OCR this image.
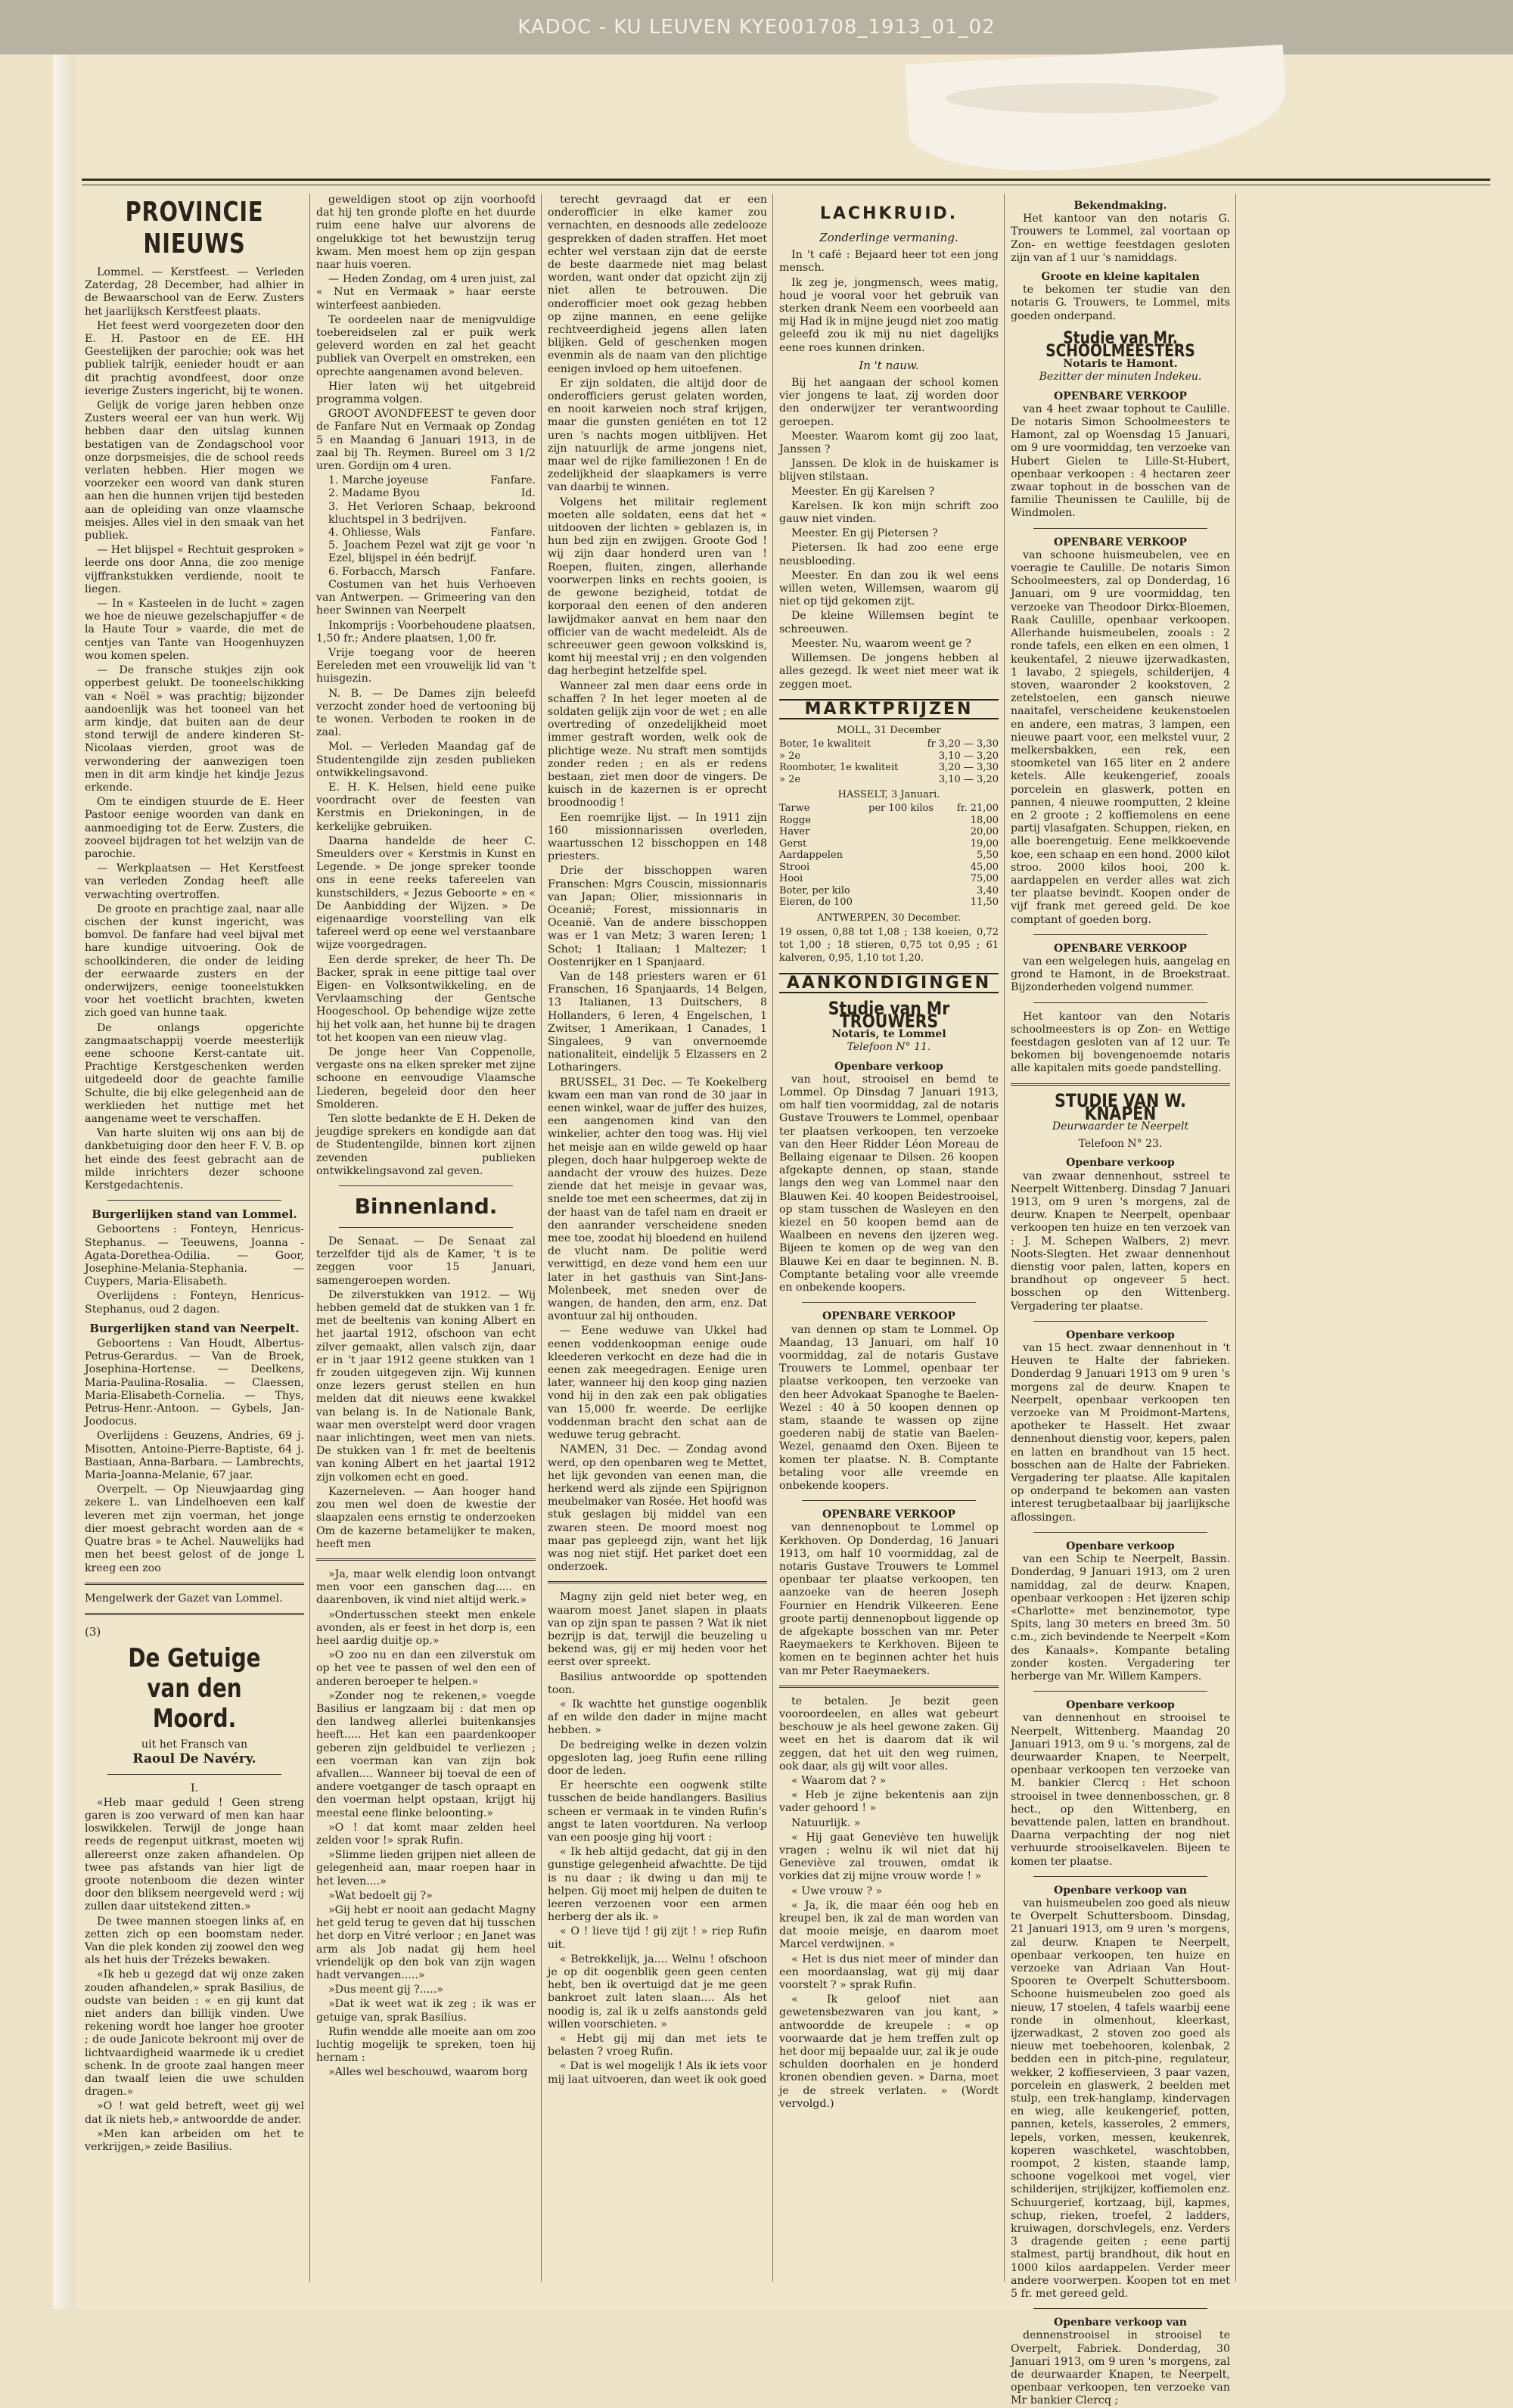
KADOC - KU LEUVEN KYE001708_1913_01_02
PROVINCIE NIEUWS

Lommel. — Kerstfeest. — Verleden Zaterdag, 28 December, had alhier in de Bewaarschool van de Eerw. Zusters het jaarlijksch Kerstfeest plaats.

Het feest werd voorgezeten door den E. H. Pastoor en de EE. HH Geestelijken der parochie; ook was het publiek talrijk, eenieder houdt er aan dit prachtig avondfeest, door onze ieverige Zusters ingericht, bij te wonen.

Gelijk de vorige jaren hebben onze Zusters weeral eer van hun werk. Wij hebben daar den uitslag kunnen bestatigen van de Zondagschool voor onze dorpsmeisjes, die de school reeds verlaten hebben. Hier mogen we voorzeker een woord van dank sturen aan hen die hunnen vrijen tijd besteden aan de opleiding van onze vlaamsche meisjes. Alles viel in den smaak van het publiek.

— Het blijspel « Rechtuit gesproken » leerde ons door Anna, die zoo menige vijffrankstukken verdiende, nooit te liegen.

— In « Kasteelen in de lucht » zagen we hoe de nieuwe gezelschapjuffer « de la Haute Tour » vaarde, die met de centjes van Tante van Hoogenhuyzen wou komen spelen.

— De fransche stukjes zijn ook opperbest gelukt. De tooneelschikking van « Noël » was prachtig; bijzonder aandoenlijk was het tooneel van het arm kindje, dat buiten aan de deur stond terwijl de andere kinderen St-Nicolaas vierden, groot was de verwondering der aanwezigen toen men in dit arm kindje het kindje Jezus erkende.

Om te eindigen stuurde de E. Heer Pastoor eenige woorden van dank en aanmoediging tot de Eerw. Zusters, die zooveel bijdragen tot het welzijn van de parochie.

— Werkplaatsen — Het Kerstfeest van verleden Zondag heeft alle verwachting overtroffen.

De groote en prachtige zaal, naar alle cischen der kunst ingericht, was bomvol. De fanfare had veel bijval met hare kundige uitvoering. Ook de schoolkinderen, die onder de leiding der eerwaarde zusters en der onderwijzers, eenige tooneelstukken voor het voetlicht brachten, kweten zich goed van hunne taak.

De onlangs opgerichte zangmaatschappij voerde meesterlijk eene schoone Kerst-cantate uit. Prachtige Kerstgeschenken werden uitgedeeld door de geachte familie Schulte, die bij elke gelegenheid aan de werklieden het nuttige met het aangename weet te verschaffen.

Van harte sluiten wij ons aan bij de dankbetuiging door den heer F. V. B. op het einde des feest gebracht aan de milde inrichters dezer schoone Kerstgedachtenis.

Burgerlijken stand van Lommel.

Geboortens : Fonteyn, Henricus-Stephanus. — Teeuwens, Joanna - Agata-Dorethea-Odilia. — Goor, Josephine-Melania-Stephania. — Cuypers, Maria-Elisabeth.

Overlijdens : Fonteyn, Henricus-Stephanus, oud 2 dagen.

Burgerlijken stand van Neerpelt.

Geboortens : Van Houdt, Albertus-Petrus-Gerardus. — Van de Broek, Josephina-Hortense. — Deelkens, Maria-Paulina-Rosalia. — Claessen, Maria-Elisabeth-Cornelia. — Thys, Petrus-Henr.-Antoon. — Gybels, Jan-Joodocus.

Overlijdens : Geuzens, Andries, 69 j. Misotten, Antoine-Pierre-Baptiste, 64 j. Bastiaan, Anna-Barbara. — Lambrechts, Maria-Joanna-Melanie, 67 jaar.

Overpelt. — Op Nieuwjaardag ging zekere L. van Lindelhoeven een kalf leveren met zijn voerman, het jonge dier moest gebracht worden aan de « Quatre bras » te Achel. Nauwelijks had men het beest gelost of de jonge L kreeg een zoo

Mengelwerk der Gazet van Lommel.

(3)

De Getuige van den Moord.

uit het Fransch van

Raoul De Navéry.

I.

«Heb maar geduld ! Geen streng garen is zoo verward of men kan haar loswikkelen. Terwijl de jonge haan reeds de regenput uitkrast, moeten wij allereerst onze zaken afhandelen. Op twee pas afstands van hier ligt de groote notenboom die dezen winter door den bliksem neergeveld werd ; wij zullen daar uitstekend zitten.»

De twee mannen stoegen links af, en zetten zich op een boomstam neder. Van die plek konden zij zoowel den weg als het huis der Trézeks bewaken.

«Ik heb u gezegd dat wij onze zaken zouden afhandelen,» sprak Basilius, de oudste van beiden : « en gij kunt dat niet anders dan billijk vinden. Uwe rekening wordt hoe langer hoe grooter ; de oude Janicote bekroont mij over de lichtvaardigheid waarmede ik u crediet schenk. In de groote zaal hangen meer dan twaalf leien die uwe schulden dragen.»

»O ! wat geld betreft, weet gij wel dat ik niets heb,» antwoordde de ander.

»Men kan arbeiden om het te verkrijgen,» zeide Basilius.

geweldigen stoot op zijn voorhoofd dat hij ten gronde plofte en het duurde ruim eene halve uur alvorens de ongelukkige tot het bewustzijn terug kwam. Men moest hem op zijn gespan naar huis voeren.

— Heden Zondag, om 4 uren juist, zal « Nut en Vermaak » haar eerste winterfeest aanbieden.

Te oordeelen naar de menigvuldige toebereidselen zal er puik werk geleverd worden en zal het geacht publiek van Overpelt en omstreken, een oprechte aangenamen avond beleven.

Hier laten wij het uitgebreid programma volgen.

GROOT AVONDFEEST te geven door de Fanfare Nut en Vermaak op Zondag 5 en Maandag 6 Januari 1913, in de zaal bij Th. Reymen. Bureel om 3 1/2 uren. Gordijn om 4 uren.

1. Marche joyeuse	Fanfare.
2. Madame Byou	Id.
3. Het Verloren Schaap, bekroond kluchtspel in 3 bedrijven.
4. Ohliesse, Wals	Fanfare.
5. Joachem Pezel wat zijt ge voor 'n Ezel, blijspel in één bedrijf.
6. Forbacch, Marsch	Fanfare.

Costumen van het huis Verhoeven van Antwerpen. — Grimeering van den heer Swinnen van Neerpelt

Inkomprijs : Voorbehoudene plaatsen, 1,50 fr.; Andere plaatsen, 1,00 fr.

Vrije toegang voor de heeren Eereleden met een vrouwelijk lid van 't huisgezin.

N. B. — De Dames zijn beleefd verzocht zonder hoed de vertooning bij te wonen. Verboden te rooken in de zaal.

Mol. — Verleden Maandag gaf de Studentengilde zijn zesden publieken ontwikkelingsavond.

E. H. K. Helsen, hield eene puike voordracht over de feesten van Kerstmis en Driekoningen, in de kerkelijke gebruiken.

Daarna handelde de heer C. Smeulders over « Kerstmis in Kunst en Legende. » De jonge spreker toonde ons in eene reeks tafereelen van kunstschilders, « Jezus Geboorte » en « De Aanbidding der Wijzen. » De eigenaardige voorstelling van elk tafereel werd op eene wel verstaanbare wijze voorgedragen.

Een derde spreker, de heer Th. De Backer, sprak in eene pittige taal over Eigen- en Volksontwikkeling, en de Vervlaamsching der Gentsche Hoogeschool. Op behendige wijze zette hij het volk aan, het hunne bij te dragen tot het koopen van een nieuw vlag.

De jonge heer Van Coppenolle, vergaste ons na elken spreker met zijne schoone en eenvoudige Vlaamsche Liederen, begeleid door den heer Smolderen.

Ten slotte bedankte de E H. Deken de jeugdige sprekers en kondigde aan dat de Studentengilde, binnen kort zijnen zevenden publieken ontwikkelingsavond zal geven.

Binnenland.

De Senaat. — De Senaat zal terzelfder tijd als de Kamer, 't is te zeggen voor 15 Januari, samengeroepen worden.

De zilverstukken van 1912. — Wij hebben gemeld dat de stukken van 1 fr. met de beeltenis van koning Albert en het jaartal 1912, ofschoon van echt zilver gemaakt, allen valsch zijn, daar er in 't jaar 1912 geene stukken van 1 fr zouden uitgegeven zijn. Wij kunnen onze lezers gerust stellen en hun melden dat dit nieuws eene kwakkel van belang is. In de Nationale Bank, waar men overstelpt werd door vragen naar inlichtingen, weet men van niets. De stukken van 1 fr. met de beeltenis van koning Albert en het jaartal 1912 zijn volkomen echt en goed.

Kazerneleven. — Aan hooger hand zou men wel doen de kwestie der slaapzalen eens ernstig te onderzoeken Om de kazerne betamelijker te maken, heeft men

»Ja, maar welk elendig loon ontvangt men voor een ganschen dag..... en daarenboven, ik vind niet altijd werk.»

»Ondertusschen steekt men enkele avonden, als er feest in het dorp is, een heel aardig duitje op.»

»O zoo nu en dan een zilverstuk om op het vee te passen of wel den een of anderen beroeper te helpen.»

»Zonder nog te rekenen,» voegde Basilius er langzaam bij : dat men op den landweg allerlei buitenkansjes heeft..... Het kan een paardenkooper geberen zijn geldbuidel te verliezen ; een voerman kan van zijn bok afvallen.... Wanneer bij toeval de een of andere voetganger de tasch opraapt en den voerman helpt opstaan, krijgt hij meestal eene flinke beloonting.»

»O ! dat komt maar zelden heel zelden voor !» sprak Rufin.

»Slimme lieden grijpen niet alleen de gelegenheid aan, maar roepen haar in het leven....»

»Wat bedoelt gij ?»

»Gij hebt er nooit aan gedacht Magny het geld terug te geven dat hij tusschen het dorp en Vitré verloor ; en Janet was arm als Job nadat gij hem heel vriendelijk op den bok van zijn wagen hadt vervangen.....»

»Dus meent gij ?.....»

»Dat ik weet wat ik zeg ; ik was er getuige van, sprak Basilius.

Rufin wendde alle moeite aan om zoo luchtig mogelijk te spreken, toen hij hernam :

»Alles wel beschouwd, waarom borg

terecht gevraagd dat er een onderofficier in elke kamer zou vernachten, en desnoods alle zedelooze gesprekken of daden straffen. Het moet echter wel verstaan zijn dat de eerste de beste daarmede niet mag belast worden, want onder dat opzicht zijn zij niet allen te betrouwen. Die onderofficier moet ook gezag hebben op zijne mannen, en eene gelijke rechtveerdigheid jegens allen laten blijken. Geld of geschenken mogen evenmin als de naam van den plichtige eenigen invloed op hem uitoefenen.

Er zijn soldaten, die altijd door de onderofficiers gerust gelaten worden, en nooit karweien noch straf krijgen, maar die gunsten geniéten en tot 12 uren 's nachts mogen uitblijven. Het zijn natuurlijk de arme jongens niet, maar wel de rijke familiezonen ! En de zedelijkheid der slaapkamers is verre van daarbij te winnen.

Volgens het militair reglement moeten alle soldaten, eens dat het « uitdooven der lichten » geblazen is, in hun bed zijn en zwijgen. Groote God ! wij zijn daar honderd uren van ! Roepen, fluiten, zingen, allerhande voorwerpen links en rechts gooien, is de gewone bezigheid, totdat de korporaal den eenen of den anderen lawijdmaker aanvat en hem naar den officier van de wacht medeleidt. Als de schreeuwer geen gewoon volkskind is, komt hij meestal vrij ; en den volgenden dag herbegint hetzelfde spel.

Wanneer zal men daar eens orde in schaffen ? In het leger moeten al de soldaten gelijk zijn voor de wet ; en alle overtreding of onzedelijkheid moet immer gestraft worden, welk ook de plichtige weze. Nu straft men somtijds zonder reden ; en als er redens bestaan, ziet men door de vingers. De kuisch in de kazernen is er oprecht broodnoodig !

Een roemrijke lijst. — In 1911 zijn 160 missionnarissen overleden, waartusschen 12 bisschoppen en 148 priesters.

Drie der bisschoppen waren Franschen: Mgrs Couscin, missionnaris van Japan; Olier, missionnaris in Oceanië; Forest, missionnaris in Oceanië. Van de andere bisschoppen was er 1 van Metz; 3 waren Ieren; 1 Schot; 1 Italiaan; 1 Maltezer; 1 Oostenrijker en 1 Spanjaard.

Van de 148 priesters waren er 61 Franschen, 16 Spanjaards, 14 Belgen, 13 Italianen, 13 Duitschers, 8 Hollanders, 6 Ieren, 4 Engelschen, 1 Zwitser, 1 Amerikaan, 1 Canades, 1 Singalees, 9 van onvernoemde nationaliteit, eindelijk 5 Elzassers en 2 Lotharingers.

BRUSSEL, 31 Dec. — Te Koekelberg kwam een man van rond de 30 jaar in eenen winkel, waar de juffer des huizes, een aangenomen kind van den winkelier, achter den toog was. Hij viel het meisje aan en wilde geweld op haar plegen, doch haar hulpgeroep wekte de aandacht der vrouw des huizes. Deze ziende dat het meisje in gevaar was, snelde toe met een scheermes, dat zij in der haast van de tafel nam en draeit er den aanrander verscheidene sneden mee toe, zoodat hij bloedend en huilend de vlucht nam. De politie werd verwittigd, en deze vond hem een uur later in het gasthuis van Sint-Jans-Molenbeek, met sneden over de wangen, de handen, den arm, enz. Dat avontuur zal hij onthouden.

— Eene weduwe van Ukkel had eenen voddenkoopman eenige oude kleederen verkocht en deze had die in eenen zak meegedragen. Eenige uren later, wanneer hij den koop ging nazien vond hij in den zak een pak obligaties van 15,000 fr. weerde. De eerlijke voddenman bracht den schat aan de weduwe terug gebracht.

NAMEN, 31 Dec. — Zondag avond werd, op den openbaren weg te Mettet, het lijk gevonden van eenen man, die herkend werd als zijnde een Spijrignon meubelmaker van Rosée. Het hoofd was stuk geslagen bij middel van een zwaren steen. De moord moest nog maar pas gepleegd zijn, want het lijk was nog niet stijf. Het parket doet een onderzoek.

Magny zijn geld niet beter weg, en waarom moest Janet slapen in plaats van op zijn span te passen ? Wat ik niet bezrijp is dat, terwijl die beuzeling u bekend was, gij er mij heden voor het eerst over spreekt.

Basilius antwoordde op spottenden toon.

« Ik wachtte het gunstige oogenblik af en wilde den dader in mijne macht hebben. »

De bedreiging welke in dezen volzin opgesloten lag, joeg Rufin eene rilling door de leden.

Er heerschte een oogwenk stilte tusschen de beide handlangers. Basilius scheen er vermaak in te vinden Rufin's angst te laten voortduren. Na verloop van een poosje ging hij voort :

« Ik heb altijd gedacht, dat gij in den gunstige gelegenheid afwachtte. De tijd is nu daar ; ik dwing u dan mij te helpen. Gij moet mij helpen de duiten te leeren verzoenen voor een armen herberg der als ik. »

« O ! lieve tijd ! gij zijt ! » riep Rufin uit.

« Betrekkelijk, ja.... Welnu ! ofschoon je op dit oogenblik geen geen centen hebt, ben ik overtuigd dat je me geen bankroet zult laten slaan.... Als het noodig is, zal ik u zelfs aanstonds geld willen voorschieten. »

« Hebt gij mij dan met iets te belasten ? vroeg Rufin.

« Dat is wel mogelijk ! Als ik iets voor mij laat uitvoeren, dan weet ik ook goed

LACHKRUID.
Zonderlinge vermaning.

In 't café : Bejaard heer tot een jong mensch.

Ik zeg je, jongmensch, wees matig, houd je vooral voor het gebruik van sterken drank Neem een voorbeeld aan mij Had ik in mijne jeugd niet zoo matig geleefd zou ik mij nu niet dagelijks eene roes kunnen drinken.

In 't nauw.

Bij het aangaan der school komen vier jongens te laat, zij worden door den onderwijzer ter verantwoording geroepen.

Meester. Waarom komt gij zoo laat, Janssen ?

Janssen. De klok in de huiskamer is blijven stilstaan.

Meester. En gij Karelsen ?

Karelsen. Ik kon mijn schrift zoo gauw niet vinden.

Meester. En gij Pietersen ?

Pietersen. Ik had zoo eene erge neusbloeding.

Meester. En dan zou ik wel eens willen weten, Willemsen, waarom gij niet op tijd gekomen zijt.

De kleine Willemsen begint te schreeuwen.

Meester. Nu, waarom weent ge ?

Willemsen. De jongens hebben al alles gezegd. Ik weet niet meer wat ik zeggen moet.

MARKTPRIJZEN

MOLL, 31 December

Boter, 1e kwaliteit	fr 3,20 — 3,30
» 2e	3,10 — 3,20
Roomboter, 1e kwaliteit	3,20 — 3,30
» 2e	3,10 — 3,20

HASSELT, 3 Januari.

Tarwe	per 100 kilos	fr. 21,00
Rogge		18,00
Haver		20,00
Gerst		19,00
Aardappelen		5,50
Strooi		45,00
Hooi		75,00
Boter, per kilo		3,40
Eieren, de 100		11,50

ANTWERPEN, 30 December.

19 ossen, 0,88 tot 1,08 ; 138 koeien, 0,72 tot 1,00 ; 18 stieren, 0,75 tot 0,95 ; 61 kalveren, 0,95, 1,10 tot 1,20.

AANKONDIGINGEN
Studie van Mr TROUWERS
Notaris, te Lommel
Telefoon N° 11.
Openbare verkoop

van hout, strooisel en bemd te Lommel. Op Dinsdag 7 Januari 1913, om half tien voormiddag, zal de notaris Gustave Trouwers te Lommel, openbaar ter plaatsen verkoopen, ten verzoeke van den Heer Ridder Léon Moreau de Bellaing eigenaar te Dilsen. 26 koopen afgekapte dennen, op staan, stande langs den weg van Lommel naar den Blauwen Kei. 40 koopen Beidestrooisel, op stam tusschen de Wasleyen en den kiezel en 50 koopen bemd aan de Waalbeen en nevens den ijzeren weg. Bijeen te komen op de weg van den Blauwe Kei en daar te beginnen. N. B. Comptante betaling voor alle vreemde en onbekende koopers.

OPENBARE VERKOOP

van dennen op stam te Lommel. Op Maandag, 13 Januari, om half 10 voormiddag, zal de notaris Gustave Trouwers te Lommel, openbaar ter plaatse verkoopen, ten verzoeke van den heer Advokaat Spanoghe te Baelen-Wezel : 40 à 50 koopen dennen op stam, staande te wassen op zijne goederen nabij de statie van Baelen-Wezel, genaamd den Oxen. Bijeen te komen ter plaatse. N. B. Comptante betaling voor alle vreemde en onbekende koopers.

OPENBARE VERKOOP

van dennenopbout te Lommel op Kerkhoven. Op Donderdag, 16 Januari 1913, om half 10 voormiddag, zal de notaris Gustave Trouwers te Lommel openbaar ter plaatse verkoopen, ten aanzoeke van de heeren Joseph Fournier en Hendrik Vilkeeren. Eene groote partij dennenopbout liggende op de afgekapte bosschen van mr. Peter Raeymaekers te Kerkhoven. Bijeen te komen en te beginnen achter het huis van mr Peter Raeymaekers.

te betalen. Je bezit geen vooroordeelen, en alles wat gebeurt beschouw je als heel gewone zaken. Gij weet en het is daarom dat ik wil zeggen, dat het uit den weg ruimen, ook daar, als gij wilt voor alles.

« Waarom dat ? »

« Heb je zijne bekentenis aan zijn vader gehoord ! »

Natuurlijk. »

« Hij gaat Geneviève ten huwelijk vragen ; welnu ik wil niet dat hij Geneviève zal trouwen, omdat ik vorkies dat zij mijne vrouw worde ! »

« Uwe vrouw ? »

« Ja, ik, die maar één oog heb en kreupel ben, ik zal de man worden van dat mooie meisje, en daarom moet Marcel verdwijnen. »

« Het is dus niet meer of minder dan een moordaanslag, wat gij mij daar voorstelt ? » sprak Rufin.

« Ik geloof niet aan gewetensbezwaren van jou kant, » antwoordde de kreupele : « op voorwaarde dat je hem treffen zult op het door mij bepaalde uur, zal ik je oude schulden doorhalen en je honderd kronen obendien geven. » Darna, moet je de streek verlaten. » (Wordt vervolgd.)

Bekendmaking.

Het kantoor van den notaris G. Trouwers te Lommel, zal voortaan op Zon- en wettige feestdagen gesloten zijn van af 1 uur 's namiddags.

Groote en kleine kapitalen

te bekomen ter studie van den notaris G. Trouwers, te Lommel, mits goeden onderpand.

Studie van Mr. SCHOOLMEESTERS
Notaris te Hamont.
Bezitter der minuten Indekeu.
OPENBARE VERKOOP

van 4 heet zwaar tophout te Caulille. De notaris Simon Schoolmeesters te Hamont, zal op Woensdag 15 Januari, om 9 ure voormiddag, ten verzoeke van Hubert Gielen te Lille-St-Hubert, openbaar verkoopen : 4 hectaren zeer zwaar tophout in de bosschen van de familie Theunissen te Caulille, bij de Windmolen.

OPENBARE VERKOOP

van schoone huismeubelen, vee en voeragie te Caulille. De notaris Simon Schoolmeesters, zal op Donderdag, 16 Januari, om 9 ure voormiddag, ten verzoeke van Theodoor Dirkx-Bloemen, Raak Caulille, openbaar verkoopen. Allerhande huismeubelen, zooals : 2 ronde tafels, een elken en een olmen, 1 keukentafel, 2 nieuwe ijzerwadkasten, 1 lavabo, 2 spiegels, schilderijen, 4 stoven, waaronder 2 kookstoven, 2 zetelstoelen, een gansch nieuwe naaitafel, verscheidene keukenstoelen en andere, een matras, 3 lampen, een nieuwe paart voor, een melkstel vuur, 2 melkersbakken, een rek, een stoomketel van 165 liter en 2 andere ketels. Alle keukengerief, zooals porcelein en glaswerk, potten en pannen, 4 nieuwe roomputten, 2 kleine en 2 groote ; 2 koffiemolens en eene partij vlasafgaten. Schuppen, rieken, en alle boerengetuig. Eene melkkoevende koe, een schaap en een hond. 2000 kilot stroo. 2000 kilos hooi, 200 k. aardappelen en verder alles wat zich ter plaatse bevindt. Koopen onder de vijf frank met gereed geld. De koe comptant of goeden borg.

OPENBARE VERKOOP

van een welgelegen huis, aangelag en grond te Hamont, in de Broekstraat. Bijzonderheden volgend nummer.

Het kantoor van den Notaris schoolmeesters is op Zon- en Wettige feestdagen gesloten van af 12 uur. Te bekomen bij bovengenoemde notaris alle kapitalen mits goede pandstelling.

STUDIE VAN W. KNAPEN
Deurwaarder te Neerpelt
Telefoon N° 23.
Openbare verkoop

van zwaar dennenhout, sstreel te Neerpelt Wittenberg. Dinsdag 7 Januari 1913, om 9 uren 's morgens, zal de deurw. Knapen te Neerpelt, openbaar verkoopen ten huize en ten verzoek van : J. M. Schepen Walbers, 2) mevr. Noots-Slegten. Het zwaar dennenhout dienstig voor palen, latten, kopers en brandhout op ongeveer 5 hect. bosschen op den Wittenberg. Vergadering ter plaatse.

Openbare verkoop

van 15 hect. zwaar dennenhout in 't Heuven te Halte der fabrieken. Donderdag 9 Januari 1913 om 9 uren 's morgens zal de deurw. Knapen te Neerpelt, openbaar verkoopen ten verzoeke van M Proidmont-Martens, apotheker te Hasselt. Het zwaar dennenhout dienstig voor, kepers, palen en latten en brandhout van 15 hect. bosschen aan de Halte der Fabrieken. Vergadering ter plaatse. Alle kapitalen op onderpand te bekomen aan vasten interest terugbetaalbaar bij jaarlijksche aflossingen.

Openbare verkoop

van een Schip te Neerpelt, Bassin. Donderdag, 9 Januari 1913, om 2 uren namiddag, zal de deurw. Knapen, openbaar verkoopen : Het ijzeren schip «Charlotte» met benzinemotor, type Spits, lang 30 meters en breed 3m. 50 c.m., zich bevindende te Neerpelt «Kom des Kanaals». Kompante betaling zonder kosten. Vergadering ter herberge van Mr. Willem Kampers.

Openbare verkoop

van dennenhout en strooisel te Neerpelt, Wittenberg. Maandag 20 Januari 1913, om 9 u. 's morgens, zal de deurwaarder Knapen, te Neerpelt, openbaar verkoopen ten verzoeke van M. bankier Clercq : Het schoon strooisel in twee dennenbosschen, gr. 8 hect., op den Wittenberg, en bevattende palen, latten en brandhout. Daarna verpachting der nog niet verhuurde strooiselkavelen. Bijeen te komen ter plaatse.

Openbare verkoop van

van huismeubelen zoo goed als nieuw te Overpelt Schuttersboom. Dinsdag, 21 Januari 1913, om 9 uren 's morgens, zal deurw. Knapen te Neerpelt, openbaar verkoopen, ten huize en verzoeke van Adriaan Van Hout-Spooren te Overpelt Schuttersboom. Schoone huismeubelen zoo goed als nieuw, 17 stoelen, 4 tafels waarbij eene ronde in olmenhout, kleerkast, ijzerwadkast, 2 stoven zoo goed als nieuw met toebehooren, kolenbak, 2 bedden een in pitch-pine, regulateur, wekker, 2 koffieservieen, 3 paar vazen, porcelein en glaswerk, 2 beelden met stulp, een trek-hanglamp, kindervagen en wieg, alle keukengerief, potten, pannen, ketels, kasseroles, 2 emmers, lepels, vorken, messen, keukenrek, koperen waschketel, waschtobben, roompot, 2 kisten, staande lamp, schoone vogelkooi met vogel, vier schilderijen, strijkijzer, koffiemolen enz. Schuurgerief, kortzaag, bijl, kapmes, schup, rieken, troefel, 2 ladders, kruiwagen, dorschvlegels, enz. Verders 3 dragende geiten ; eene partij stalmest, partij brandhout, dik hout en 1000 kilos aardappelen. Verder meer andere voorwerpen. Koopen tot en met 5 fr. met gereed geld.

Openbare verkoop van

dennenstrooisel in strooisel te Overpelt, Fabriek. Donderdag, 30 Januari 1913, om 9 uren 's morgens, zal de deurwaarder Knapen, te Neerpelt, openbaar verkoopen, ten verzoeke van Mr bankier Clercq ;
